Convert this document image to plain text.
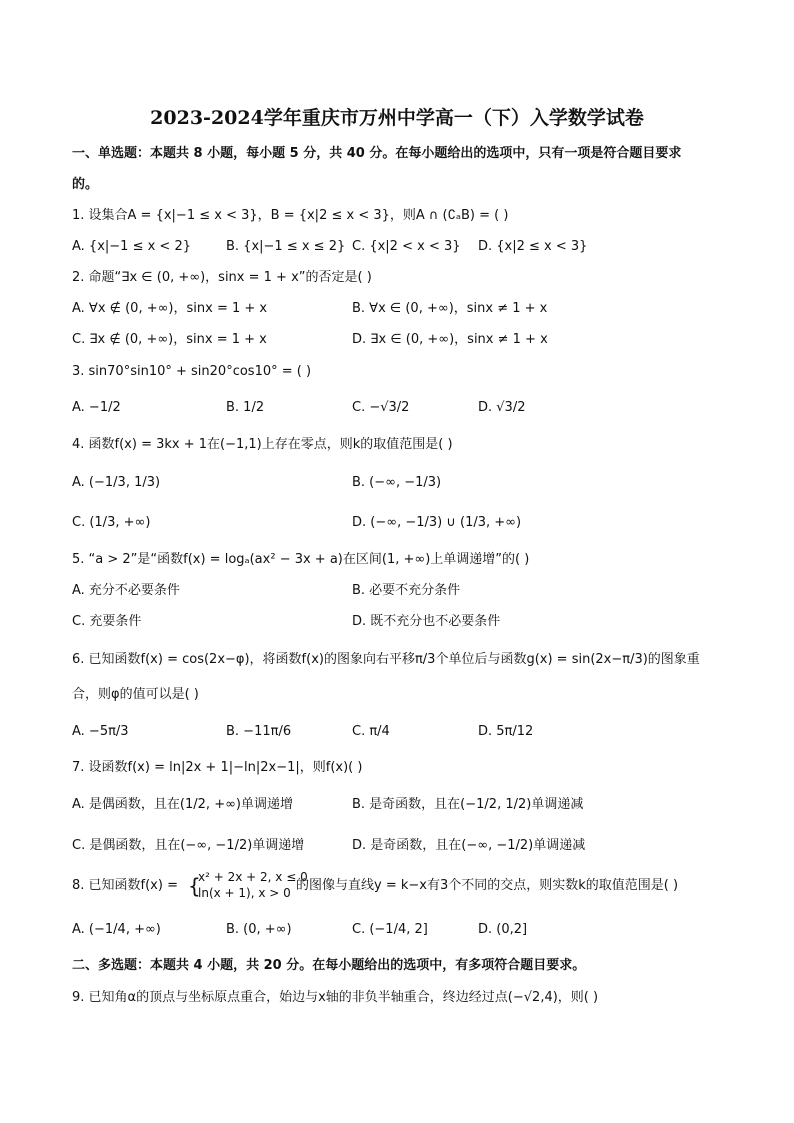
2023-2024学年重庆市万州中学高一（下）入学数学试卷
一、单选题：本题共 8 小题，每小题 5 分，共 40 分。在每小题给出的选项中，只有一项是符合题目要求
的。
1. 设集合A = {x|−1 ≤ x < 3}，B = {x|2 ≤ x < 3}，则A ∩ (∁ₐB) = ( )
A. {x|−1 ≤ x < 2}	B. {x|−1 ≤ x ≤ 2} C. {x|2 < x < 3} D. {x|2 ≤ x < 3}
2. 命题“∃x ∈ (0, +∞)，sinx = 1 + x”的否定是( )
A. ∀x ∉ (0, +∞)，sinx = 1 + x	B. ∀x ∈ (0, +∞)，sinx ≠ 1 + x
C. ∃x ∉ (0, +∞)，sinx = 1 + x	D. ∃x ∈ (0, +∞)，sinx ≠ 1 + x
3. sin70°sin10° + sin20°cos10° = ( )
A. −1/2	B. 1/2	C. −√3/2	D. √3/2
4. 函数f(x) = 3kx + 1在(−1,1)上存在零点，则k的取值范围是( )
A. (−1/3, 1/3)	B. (−∞, −1/3)
C. (1/3, +∞)	D. (−∞, −1/3) ∪ (1/3, +∞)
5. “a > 2”是“函数f(x) = logₐ(ax² − 3x + a)在区间(1, +∞)上单调递增”的( )
A. 充分不必要条件	B. 必要不充分条件
C. 充要条件	D. 既不充分也不必要条件
6. 已知函数f(x) = cos(2x−φ)，将函数f(x)的图象向右平移π/3个单位后与函数g(x) = sin(2x−π/3)的图象重
合，则φ的值可以是( )
A. −5π/3	B. −11π/6	C. π/4	D. 5π/12
7. 设函数f(x) = ln|2x + 1|−ln|2x−1|，则f(x)( )
A. 是偶函数，且在(1/2, +∞)单调递增	B. 是奇函数，且在(−1/2, 1/2)单调递减
C. 是偶函数，且在(−∞, −1/2)单调递增	D. 是奇函数，且在(−∞, −1/2)单调递减
8. 已知函数f(x) = {
x² + 2x + 2, x ≤ 0
ln(x + 1), x > 0 的图像与直线y = k−x有3个不同的交点，则实数k的取值范围是( )
A. (−1/4, +∞)	B. (0, +∞)	C. (−1/4, 2]	D. (0,2]
二、多选题：本题共 4 小题，共 20 分。在每小题给出的选项中，有多项符合题目要求。
9. 已知角α的顶点与坐标原点重合，始边与x轴的非负半轴重合，终边经过点(−√2,4)，则( )
